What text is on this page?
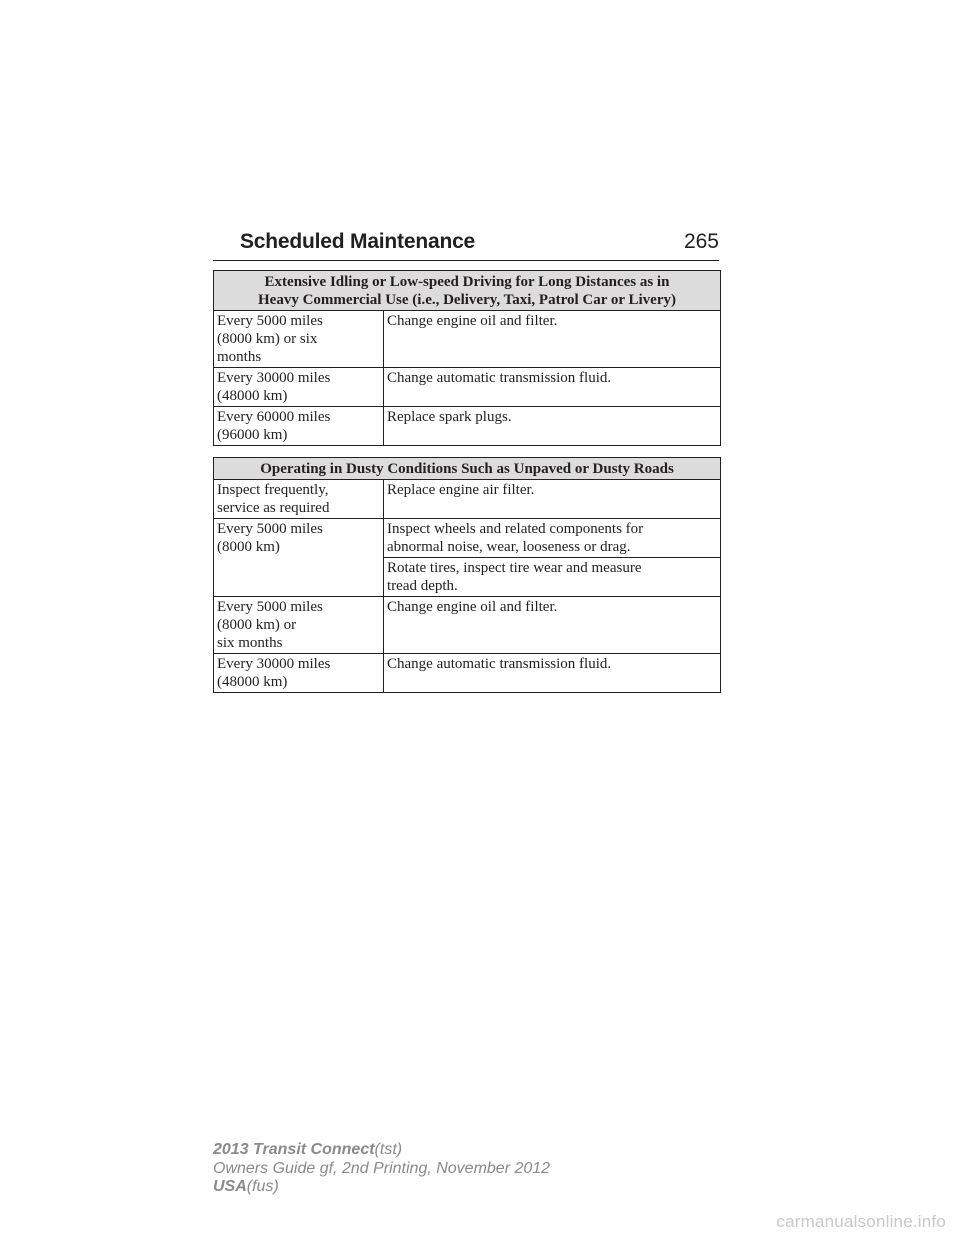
Scheduled Maintenance	265
Extensive Idling or Low-speed Driving for Long Distances as in
Heavy Commercial Use (i.e., Delivery, Taxi, Patrol Car or Livery)	
Every 5000 miles
(8000 km) or six
months	Change engine oil and filter.
Every 30000 miles
(48000 km)	Change automatic transmission fluid.
Every 60000 miles
(96000 km)	Replace spark plugs.
Operating in Dusty Conditions Such as Unpaved or Dusty Roads	
Inspect frequently,
service as required	Replace engine air filter.
Every 5000 miles
(8000 km)	Inspect wheels and related components for
abnormal noise, wear, looseness or drag.
	Rotate tires, inspect tire wear and measure
tread depth.
Every 5000 miles
(8000 km) or
six months	Change engine oil and filter.
Every 30000 miles
(48000 km)	Change automatic transmission fluid.
2013 Transit Connect(tst)
Owners Guide gf, 2nd Printing, November 2012
USA(fus)
carmanualsonline.info
